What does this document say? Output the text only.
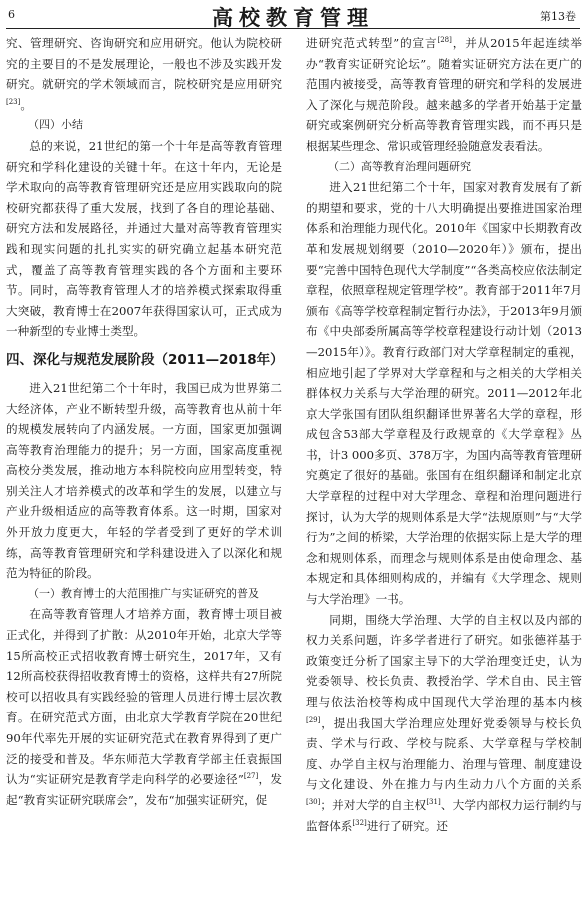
6	高校教育管理	第13卷

究、管理研究、咨询研究和应用研究。他认为院校研究的主要目的不是发展理论，一般也不涉及实践开发研究。就研究的学术领域而言，院校研究是应用研究[23]。

（四）小结

总的来说，21世纪的第一个十年是高等教育管理研究和学科化建设的关键十年。在这十年内，无论是学术取向的高等教育管理研究还是应用实践取向的院校研究都获得了重大发展，找到了各自的理论基础、研究方法和发展路径，并通过大量对高等教育管理实践和现实问题的扎扎实实的研究确立起基本研究范式，覆盖了高等教育管理实践的各个方面和主要环节。同时，高等教育管理人才的培养模式探索取得重大突破，教育博士在2007年获得国家认可，正式成为一种新型的专业博士类型。

四、深化与规范发展阶段（2011—2018年）

进入21世纪第二个十年时，我国已成为世界第二大经济体，产业不断转型升级，高等教育也从前十年的规模发展转向了内涵发展。一方面，国家更加强调高等教育治理能力的提升；另一方面，国家高度重视高校分类发展，推动地方本科院校向应用型转变，特别关注人才培养模式的改革和学生的发展，以建立与产业升级相适应的高等教育体系。这一时期，国家对外开放力度更大，年轻的学者受到了更好的学术训练，高等教育管理研究和学科建设进入了以深化和规范为特征的阶段。

（一）教育博士的大范围推广与实证研究的普及

在高等教育管理人才培养方面，教育博士项目被正式化，并得到了扩散：从2010年开始，北京大学等15所高校正式招收教育博士研究生，2017年，又有12所高校获得招收教育博士的资格，这样共有27所院校可以招收具有实践经验的管理人员进行博士层次教育。在研究范式方面，由北京大学教育学院在20世纪90年代率先开展的实证研究范式在教育界得到了更广泛的接受和普及。华东师范大学教育学部主任袁振国认为“实证研究是教育学走向科学的必要途径”[27]，发起“教育实证研究联席会”，发布“加强实证研究，促

进研究范式转型”的宣言[28]，并从2015年起连续举办“教育实证研究论坛”。随着实证研究方法在更广的范围内被接受，高等教育管理的研究和学科的发展进入了深化与规范阶段。越来越多的学者开始基于定量研究或案例研究分析高等教育管理实践，而不再只是根据某些理念、常识或管理经验随意发表看法。

（二）高等教育治理问题研究

进入21世纪第二个十年，国家对教育发展有了新的期望和要求，党的十八大明确提出要推进国家治理体系和治理能力现代化。2010年《国家中长期教育改革和发展规划纲要（2010—2020年）》颁布，提出要“完善中国特色现代大学制度”“各类高校应依法制定章程，依照章程规定管理学校”。教育部于2011年7月颁布《高等学校章程制定暂行办法》，于2013年9月颁布《中央部委所属高等学校章程建设行动计划（2013—2015年）》。教育行政部门对大学章程制定的重视，相应地引起了学界对大学章程和与之相关的大学相关群体权力关系与大学治理的研究。2011—2012年北京大学张国有团队组织翻译世界著名大学的章程，形成包含53部大学章程及行政规章的《大学章程》丛书，计3 000多页、378万字，为国内高等教育管理研究奠定了很好的基础。张国有在组织翻译和制定北京大学章程的过程中对大学理念、章程和治理问题进行探讨，认为大学的规则体系是大学“法规原则”与“大学行为”之间的桥梁，大学治理的依据实际上是大学的理念和规则体系，而理念与规则体系是由使命理念、基本规定和具体细则构成的，并编有《大学理念、规则与大学治理》一书。

同期，围绕大学治理、大学的自主权以及内部的权力关系问题，许多学者进行了研究。如张德祥基于政策变迁分析了国家主导下的大学治理变迁史，认为党委领导、校长负责、教授治学、学术自由、民主管理与依法治校等构成中国现代大学治理的基本内核[29]，提出我国大学治理应处理好党委领导与校长负责、学术与行政、学校与院系、大学章程与学校制度、办学自主权与治理能力、治理与管理、制度建设与文化建设、外在推力与内生动力八个方面的关系[30]；并对大学的自主权[31]、大学内部权力运行制约与监督体系[32]进行了研究。还
